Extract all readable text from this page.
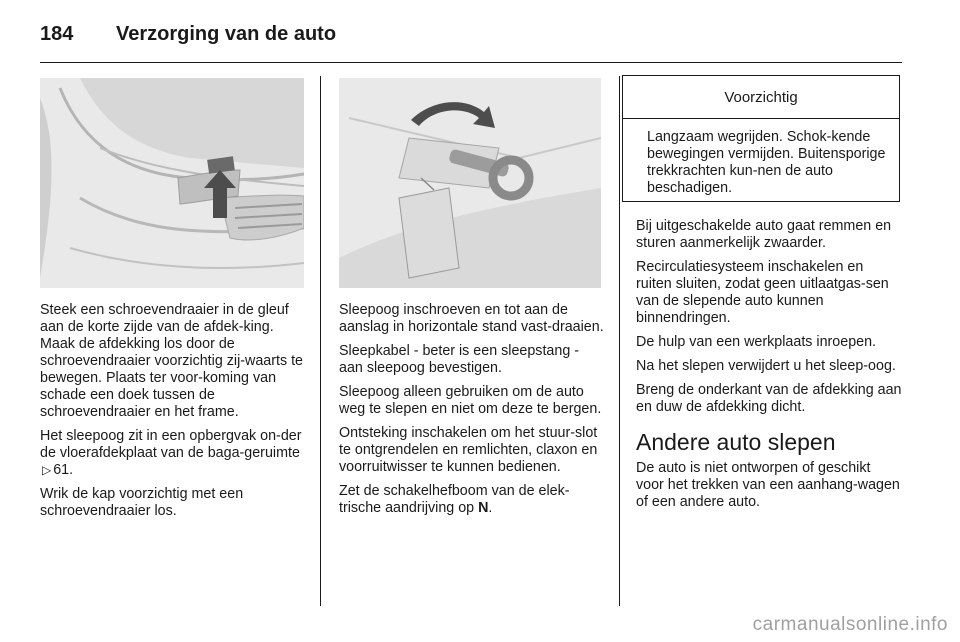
184	Verzorging van de auto

Steek een schroevendraaier in de gleuf aan de korte zijde van de afdek-king. Maak de afdekking los door de schroevendraaier voorzichtig zij-waarts te bewegen. Plaats ter voor-koming van schade een doek tussen de schroevendraaier en het frame.

Het sleepoog zit in een opbergvak on-der de vloerafdekplaat van de baga-geruimte ▷ 61.

Wrik de kap voorzichtig met een schroevendraaier los.

Sleepoog inschroeven en tot aan de aanslag in horizontale stand vast-draaien.

Sleepkabel - beter is een sleepstang - aan sleepoog bevestigen.

Sleepoog alleen gebruiken om de auto weg te slepen en niet om deze te bergen.

Ontsteking inschakelen om het stuur-slot te ontgrendelen en remlichten, claxon en voorruitwisser te kunnen bedienen.

Zet de schakelhefboom van de elek-trische aandrijving op N.

Voorzichtig
Langzaam wegrijden. Schok-kende bewegingen vermijden. Buitensporige trekkrachten kun-nen de auto beschadigen.

Bij uitgeschakelde auto gaat remmen en sturen aanmerkelijk zwaarder.

Recirculatiesysteem inschakelen en ruiten sluiten, zodat geen uitlaatgas-sen van de slepende auto kunnen binnendringen.

De hulp van een werkplaats inroepen.

Na het slepen verwijdert u het sleep-oog.

Breng de onderkant van de afdekking aan en duw de afdekking dicht.

Andere auto slepen

De auto is niet ontworpen of geschikt voor het trekken van een aanhang-wagen of een andere auto.

carmanualsonline.info
